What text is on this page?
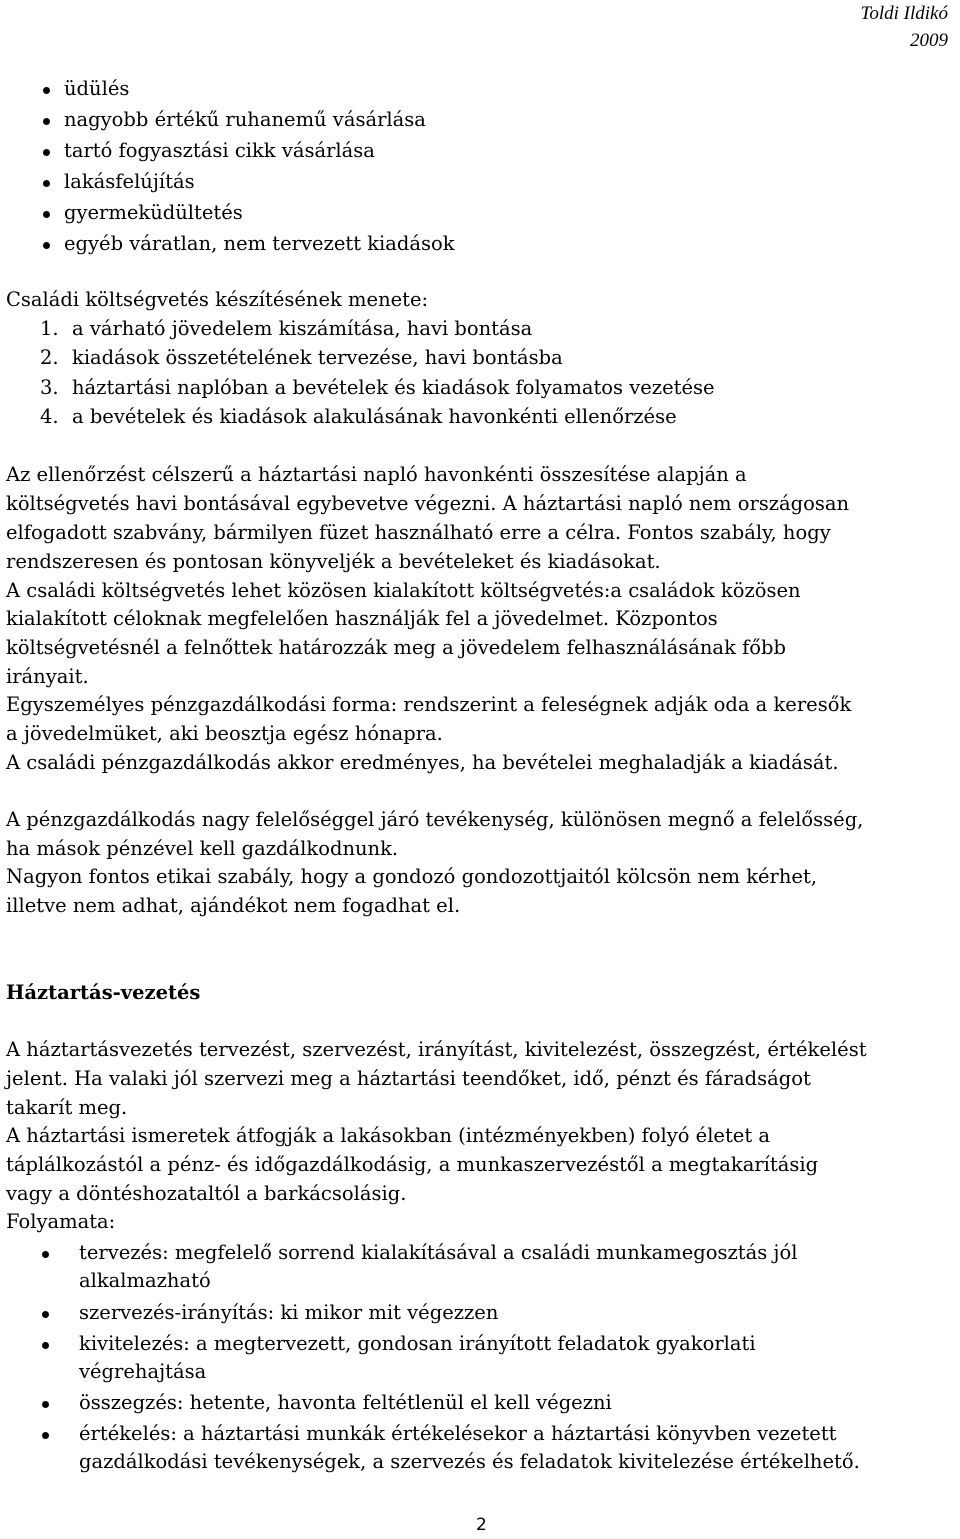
Toldi Ildikó
2009
üdülés
nagyobb értékű ruhanemű vásárlása
tartó fogyasztási cikk vásárlása
lakásfelújítás
gyermeküdültetés
egyéb váratlan, nem tervezett kiadások
Családi költségvetés készítésének menete:
1. a várható jövedelem kiszámítása, havi bontása
2. kiadások összetételének tervezése, havi bontásba
3. háztartási naplóban a bevételek és kiadások folyamatos vezetése
4. a bevételek és kiadások alakulásának havonkénti ellenőrzése
Az ellenőrzést célszerű a háztartási napló havonkénti összesítése alapján a
költségvetés havi bontásával egybevetve végezni. A háztartási napló nem országosan
elfogadott szabvány, bármilyen füzet használható erre a célra. Fontos szabály, hogy
rendszeresen és pontosan könyveljék a bevételeket és kiadásokat.
A családi költségvetés lehet közösen kialakított költségvetés:a családok közösen
kialakított céloknak megfelelően használják fel a jövedelmet. Központos
költségvetésnél a felnőttek határozzák meg a jövedelem felhasználásának főbb
irányait.
Egyszemélyes pénzgazdálkodási forma: rendszerint a feleségnek adják oda a keresők
a jövedelmüket, aki beosztja egész hónapra.
A családi pénzgazdálkodás akkor eredményes, ha bevételei meghaladják a kiadását.
A pénzgazdálkodás nagy felelőséggel járó tevékenység, különösen megnő a felelősség,
ha mások pénzével kell gazdálkodnunk.
Nagyon fontos etikai szabály, hogy a gondozó gondozottjaitól kölcsön nem kérhet,
illetve nem adhat, ajándékot nem fogadhat el.
Háztartás-vezetés
A háztartásvezetés tervezést, szervezést, irányítást, kivitelezést, összegzést, értékelést
jelent. Ha valaki jól szervezi meg a háztartási teendőket, idő, pénzt és fáradságot
takarít meg.
A háztartási ismeretek átfogják a lakásokban (intézményekben) folyó életet a
táplálkozástól a pénz- és időgazdálkodásig, a munkaszervezéstől a megtakarításig
vagy a döntéshozataltól a barkácsolásig.
Folyamata:
tervezés: megfelelő sorrend kialakításával a családi munkamegosztás jól
alkalmazható
szervezés-irányítás: ki mikor mit végezzen
kivitelezés: a megtervezett, gondosan irányított feladatok gyakorlati
végrehajtása
összegzés: hetente, havonta feltétlenül el kell végezni
értékelés: a háztartási munkák értékelésekor a háztartási könyvben vezetett
gazdálkodási tevékenységek, a szervezés és feladatok kivitelezése értékelhető.
2
